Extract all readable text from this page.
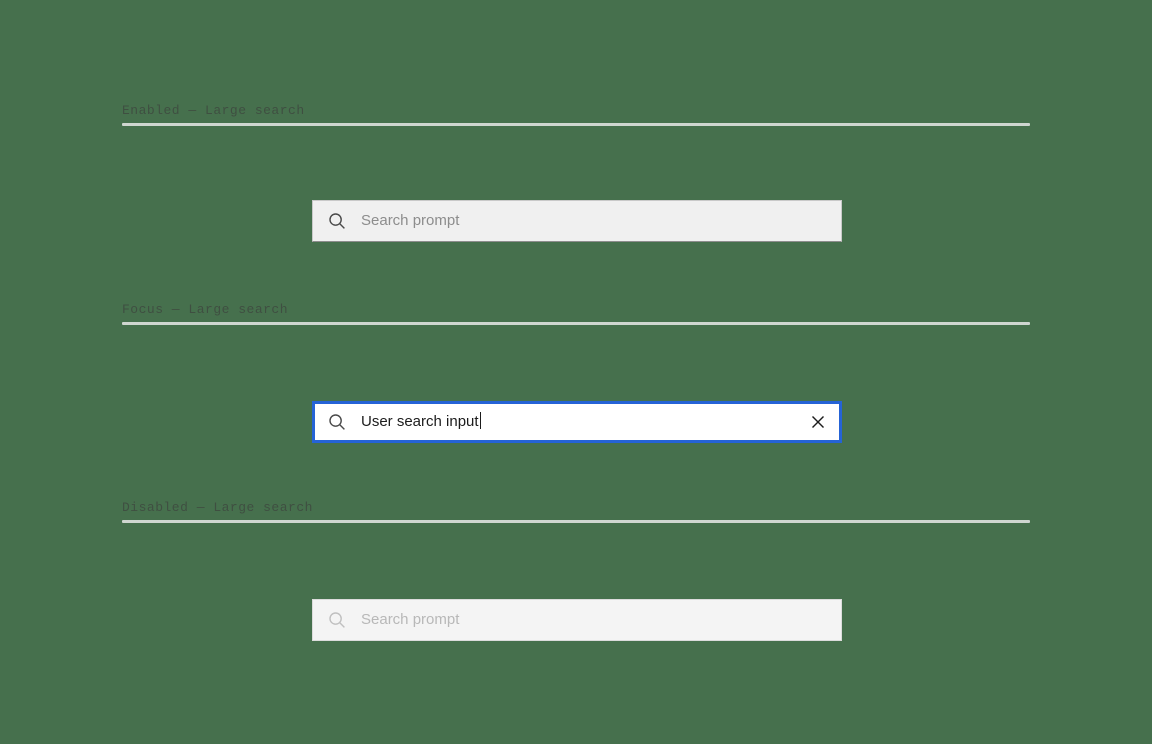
Enabled — Large search
Search prompt
Focus — Large search
User search input
Disabled — Large search
Search prompt
